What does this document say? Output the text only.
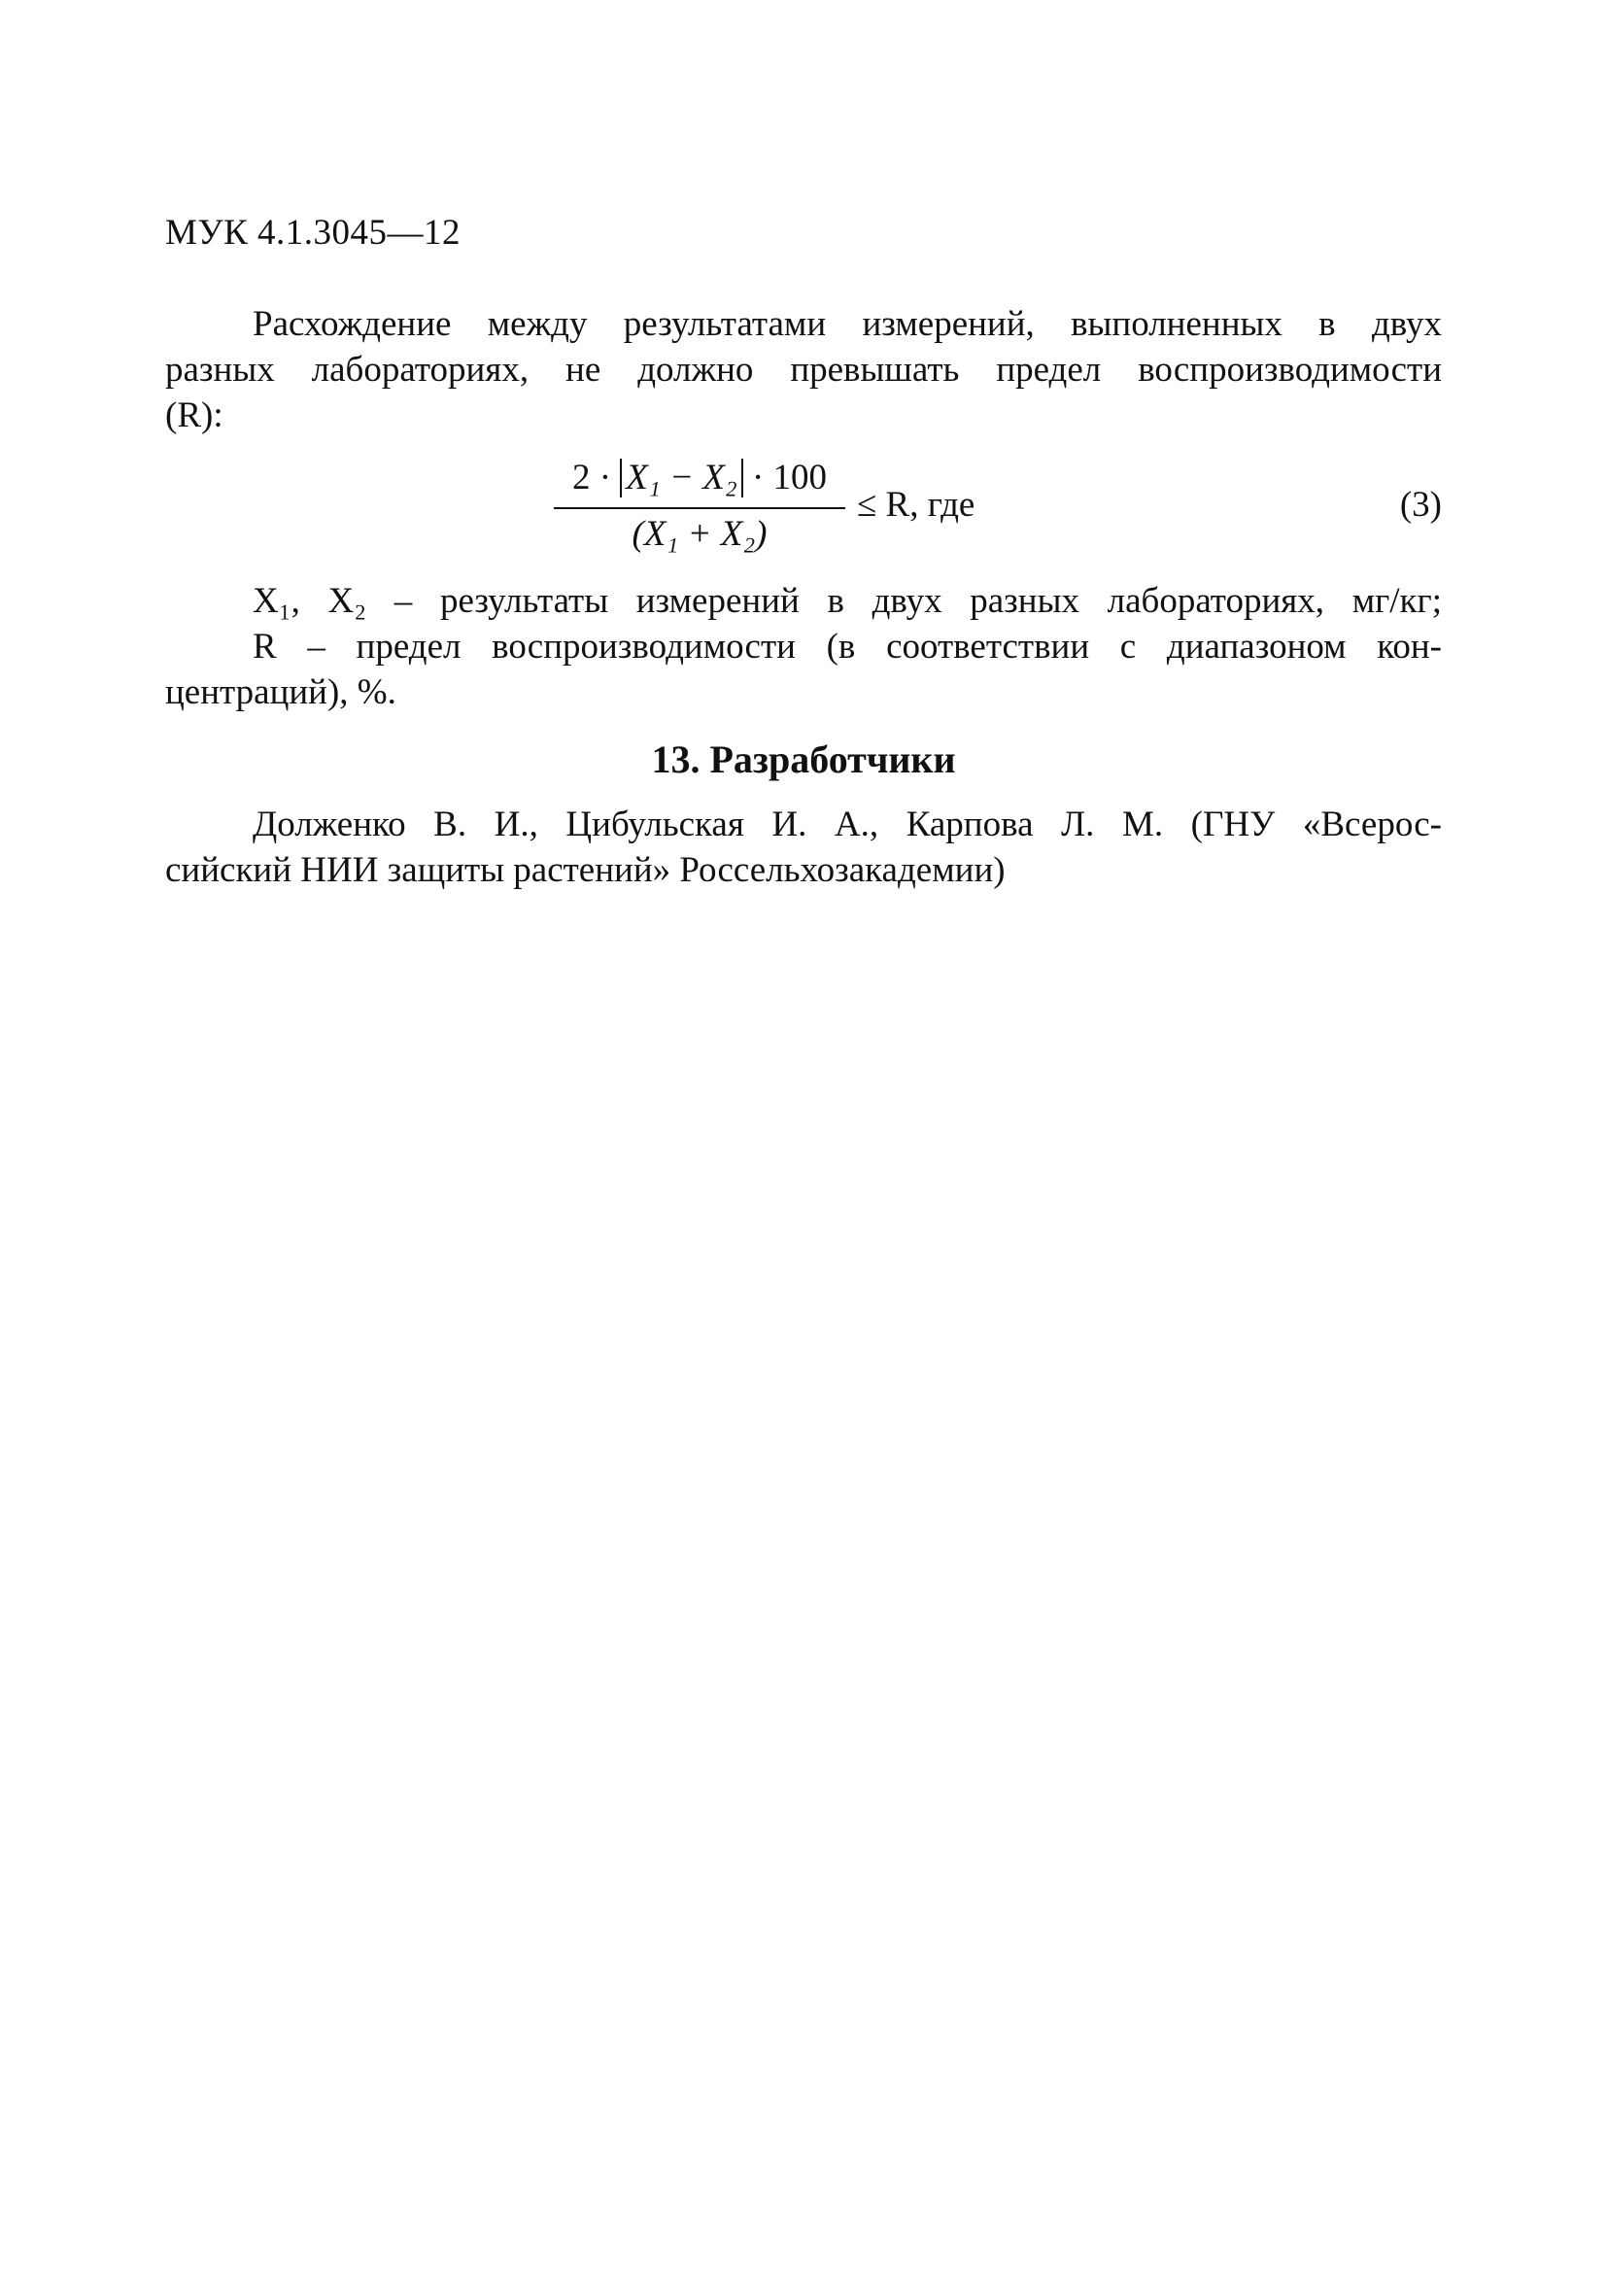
МУК 4.1.3045—12
Расхождение между результатами измерений, выполненных в двух
разных лабораториях, не должно превышать предел воспроизводимости
(R):
2 · X₁ − X₂ · 100
(X₁ + X₂)
≤ R, где	(3)
X₁, X₂ – результаты измерений в двух разных лабораториях, мг/кг;
R – предел воспроизводимости (в соответствии с диапазоном кон-
центраций), %.
13. Разработчики
Долженко В. И., Цибульская И. А., Карпова Л. М. (ГНУ «Всерос-
сийский НИИ защиты растений» Россельхозакадемии)
